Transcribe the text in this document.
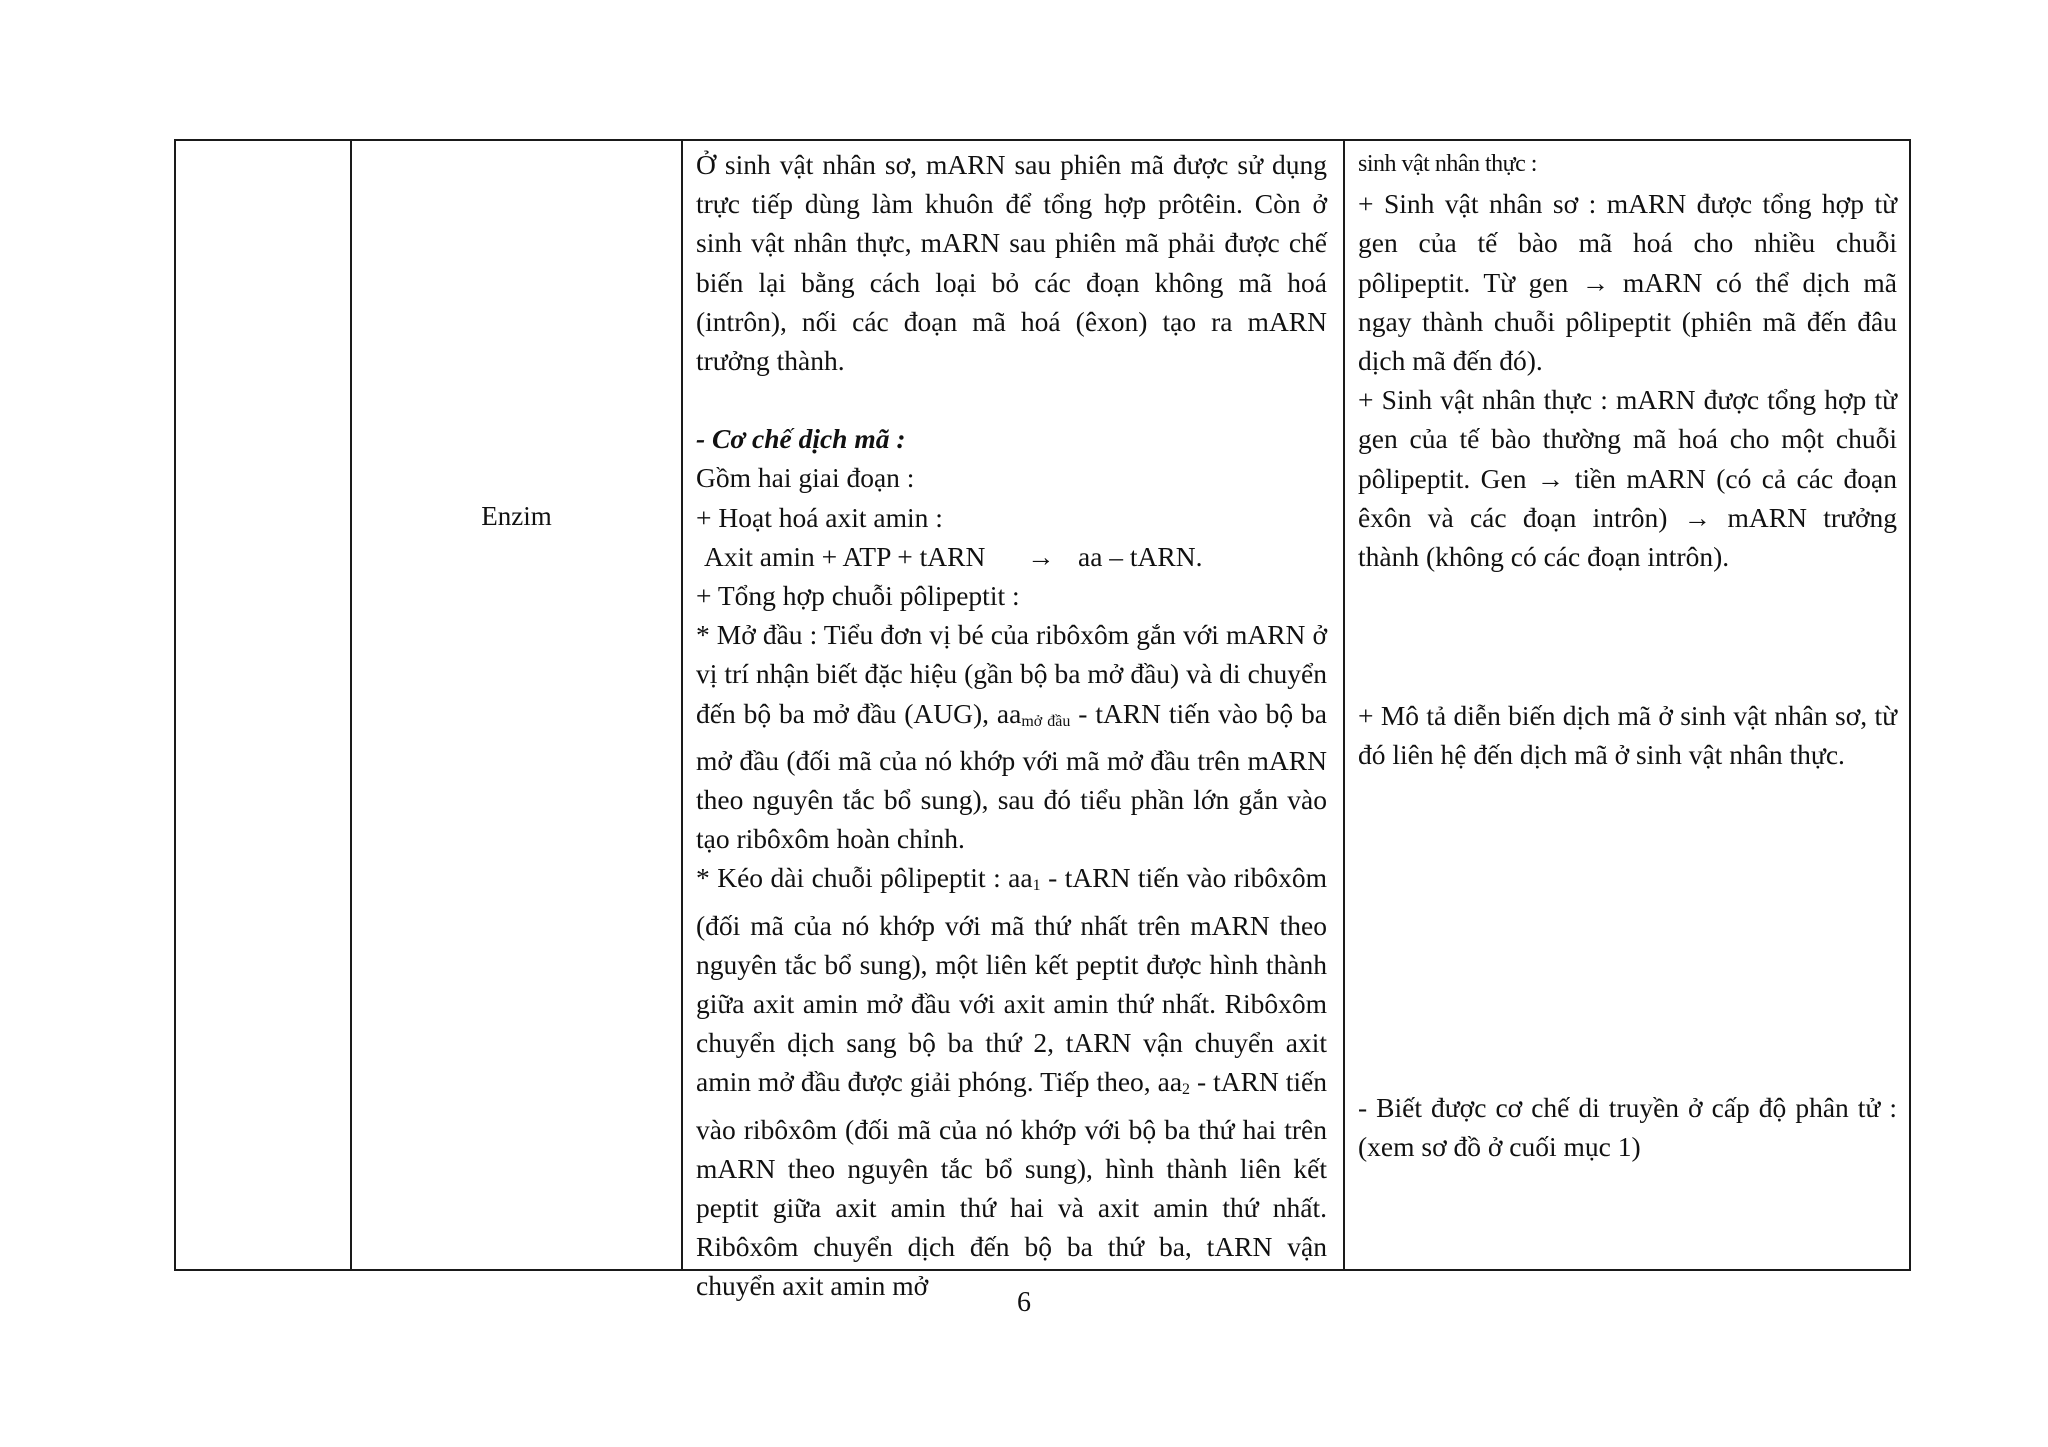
Enzim

Ở sinh vật nhân sơ, mARN sau phiên mã được sử dụng trực tiếp dùng làm khuôn để tổng hợp prôtêin. Còn ở sinh vật nhân thực, mARN sau phiên mã phải được chế biến lại bằng cách loại bỏ các đoạn không mã hoá (intrôn), nối các đoạn mã hoá (êxon) tạo ra mARN trưởng thành.

- Cơ chế dịch mã :

Gồm hai giai đoạn :

+ Hoạt hoá axit amin :

Axit amin + ATP + tARN	→ aa – tARN.

+ Tổng hợp chuỗi pôlipeptit :

* Mở đầu : Tiểu đơn vị bé của ribôxôm gắn với mARN ở vị trí nhận biết đặc hiệu (gần bộ ba mở đầu) và di chuyển đến bộ ba mở đầu (AUG), aamở đầu - tARN tiến vào bộ ba mở đầu (đối mã của nó khớp với mã mở đầu trên mARN theo nguyên tắc bổ sung), sau đó tiểu phần lớn gắn vào tạo ribôxôm hoàn chỉnh.

* Kéo dài chuỗi pôlipeptit : aa1 - tARN tiến vào ribôxôm (đối mã của nó khớp với mã thứ nhất trên mARN theo nguyên tắc bổ sung), một liên kết peptit được hình thành giữa axit amin mở đầu với axit amin thứ nhất. Ribôxôm chuyển dịch sang bộ ba thứ 2, tARN vận chuyển axit amin mở đầu được giải phóng. Tiếp theo, aa2 - tARN tiến vào ribôxôm (đối mã của nó khớp với bộ ba thứ hai trên mARN theo nguyên tắc bổ sung), hình thành liên kết peptit giữa axit amin thứ hai và axit amin thứ nhất. Ribôxôm chuyển dịch đến bộ ba thứ ba, tARN vận chuyển axit amin mở

sinh vật nhân thực :

+ Sinh vật nhân sơ : mARN được tổng hợp từ gen của tế bào mã hoá cho nhiều chuỗi pôlipeptit. Từ gen → mARN có thể dịch mã ngay thành chuỗi pôlipeptit (phiên mã đến đâu dịch mã đến đó).

+ Sinh vật nhân thực : mARN được tổng hợp từ gen của tế bào thường mã hoá cho một chuỗi pôlipeptit. Gen → tiền mARN (có cả các đoạn êxôn và các đoạn intrôn) → mARN trưởng thành (không có các đoạn intrôn).

+ Mô tả diễn biến dịch mã ở sinh vật nhân sơ, từ đó liên hệ đến dịch mã ở sinh vật nhân thực.

- Biết được cơ chế di truyền ở cấp độ phân tử : (xem sơ đồ ở cuối mục 1)

6
